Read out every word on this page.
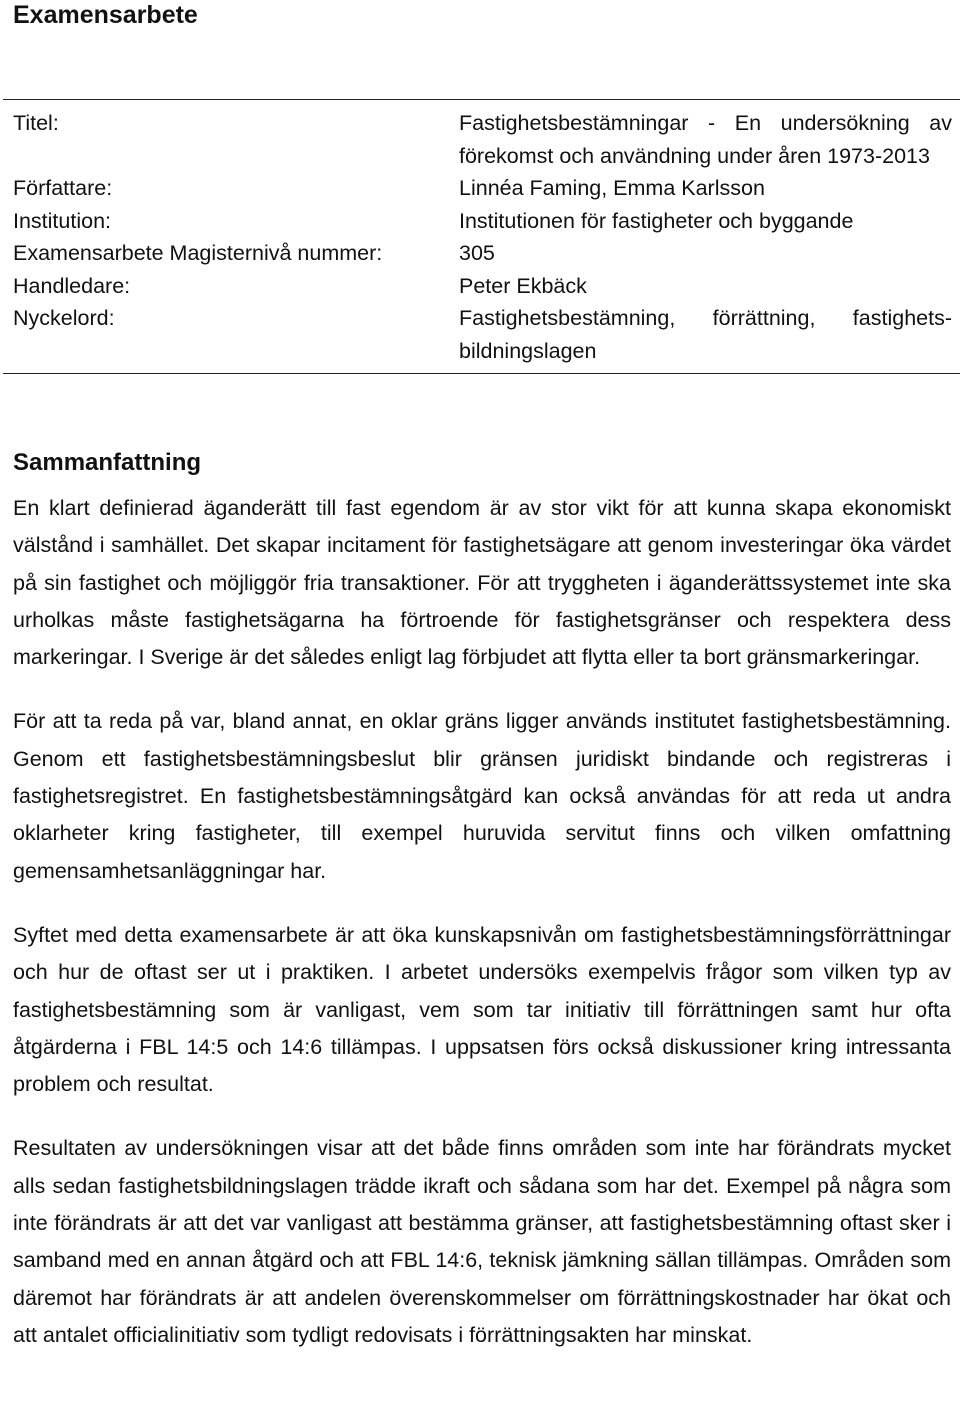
Examensarbete
Titel:	Fastighetsbestämningar - En undersökning av förekomst och användning under åren 1973-2013
Författare:	Linnéa Faming, Emma Karlsson
Institution:	Institutionen för fastigheter och byggande
Examensarbete Magisternivå nummer:	305
Handledare:	Peter Ekbäck
Nyckelord:	Fastighetsbestämning, förrättning, fastighetsbildningslagen
Sammanfattning

En klart definierad äganderätt till fast egendom är av stor vikt för att kunna skapa ekonomiskt välstånd i samhället. Det skapar incitament för fastighetsägare att genom investeringar öka värdet på sin fastighet och möjliggör fria transaktioner. För att tryggheten i äganderättssystemet inte ska urholkas måste fastighetsägarna ha förtroende för fastighetsgränser och respektera dess markeringar. I Sverige är det således enligt lag förbjudet att flytta eller ta bort gränsmarkeringar.

För att ta reda på var, bland annat, en oklar gräns ligger används institutet fastighetsbestämning. Genom ett fastighetsbestämningsbeslut blir gränsen juridiskt bindande och registreras i fastighetsregistret. En fastighetsbestämningsåtgärd kan också användas för att reda ut andra oklarheter kring fastigheter, till exempel huruvida servitut finns och vilken omfattning gemensamhetsanläggningar har.

Syftet med detta examensarbete är att öka kunskapsnivån om fastighetsbestämningsförrättningar och hur de oftast ser ut i praktiken. I arbetet undersöks exempelvis frågor som vilken typ av fastighetsbestämning som är vanligast, vem som tar initiativ till förrättningen samt hur ofta åtgärderna i FBL 14:5 och 14:6 tillämpas. I uppsatsen förs också diskussioner kring intressanta problem och resultat.

Resultaten av undersökningen visar att det både finns områden som inte har förändrats mycket alls sedan fastighetsbildningslagen trädde ikraft och sådana som har det. Exempel på några som inte förändrats är att det var vanligast att bestämma gränser, att fastighetsbestämning oftast sker i samband med en annan åtgärd och att FBL 14:6, teknisk jämkning sällan tillämpas. Områden som däremot har förändrats är att andelen överenskommelser om förrättningskostnader har ökat och att antalet officialinitiativ som tydligt redovisats i förrättningsakten har minskat.
